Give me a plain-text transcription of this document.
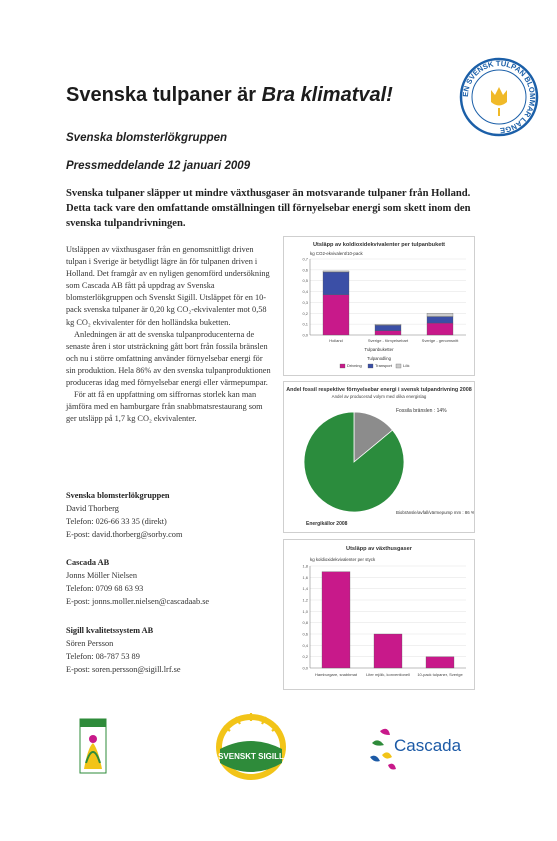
Svenska tulpaner är Bra klimatval!	EN SVENSK TULPAN BLOMMAR LÄNGE
Svenska blomsterlökgruppen
Pressmeddelande 12 januari 2009
Svenska tulpaner släpper ut mindre växthusgaser än motsvarande tulpaner från Holland. Detta tack vare den omfattande omställningen till förnyelsebar energi som skett inom den svenska tulpandrivningen.

Utsläppen av växthusgaser från en genomsnittligt driven tulpan i Sverige är betydligt lägre än för tulpanen driven i Holland. Det framgår av en nyligen genomförd undersökning som Cascada AB fått på uppdrag av Svenska blomsterlökgruppen och Svenskt Sigill. Utsläppet för en 10-pack svenska tulpaner är 0,20 kg CO₂-ekvivalenter mot 0,58 kg CO₂ ekvivalenter för den holländska buketten.

Anledningen är att de svenska tulpanproducenterna de senaste åren i stor utsträckning gått bort från fossila bränslen och nu i större omfattning använder förnyelsebar energi för sin produktion. Hela 86% av den svenska tulpanproduktionen produceras idag med förnyelsebar energi eller värmepumpar.

För att få en uppfattning om siffrornas storlek kan man jämföra med en hamburgare från snabbmatsrestaurang som ger utsläpp på 1,7 kg CO₂ ekvivalenter.

Svenska blomsterlökgruppen
David Thorberg
Telefon: 026-66 33 35 (direkt)
E-post: david.thorberg@sorby.com
Cascada AB
Jonns Möller Nielsen
Telefon: 0709 68 63 93
E-post: jonns.moller.nielsen@cascadaab.se
Sigill kvalitetssystem AB
Sören Persson
Telefon: 08-787 53 89
E-post: soren.persson@sigill.lrf.se
Utsläpp av koldioxidekvivalenter per tulpanbukett
kg CO2-ekvivalent/10-pack
0,0
0,1
0,2
0,3
0,4
0,5
0,6
0,7
Holland	Sverige - förnyelsebart	Sverige - genomsnitt
Tulpanbuketter
Tulpanodling
Drivning	Transport	Lök
Andel fossil respektive förnyelsebar energi i svensk tulpandrivning 2008
Andel av producerad volym med olika energislag
Fossila bränslen : 14%
Biobränsle/avfall/värmepump mm : 86 %
Energikällor 2008
Utsläpp av växthusgaser
kg koldioxidekvivalenter per styck
0,0
0,2
0,4
0,6
0,8
1,0
1,2
1,4
1,6
1,8
Hamburgare, snabbmat Liter mjölk, konventionell 10-pack tulpaner, Sverige
SVENSKT SIGILL
Cascada
